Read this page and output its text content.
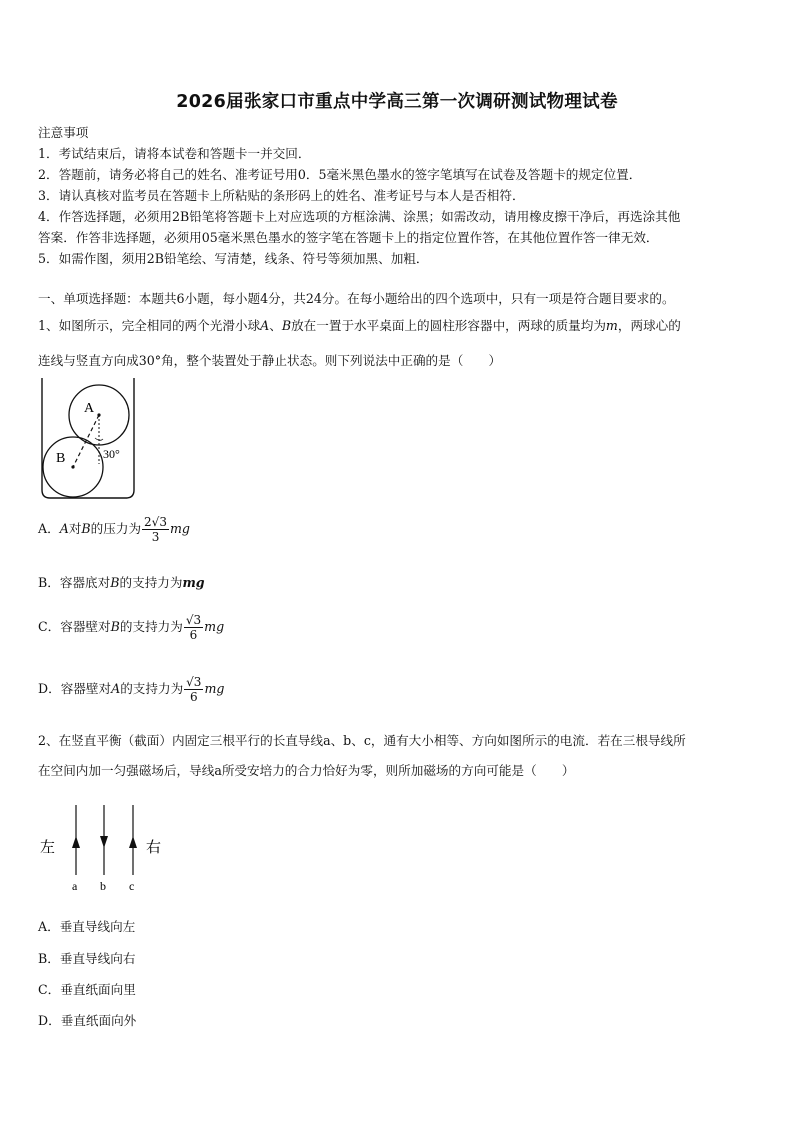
2026届张家口市重点中学高三第一次调研测试物理试卷
注意事项
1．考试结束后，请将本试卷和答题卡一并交回．
2．答题前，请务必将自己的姓名、准考证号用0．5毫米黑色墨水的签字笔填写在试卷及答题卡的规定位置．
3．请认真核对监考员在答题卡上所粘贴的条形码上的姓名、准考证号与本人是否相符．
4．作答选择题，必须用2B铅笔将答题卡上对应选项的方框涂满、涂黑；如需改动，请用橡皮擦干净后，再选涂其他
答案．作答非选择题，必须用05毫米黑色墨水的签字笔在答题卡上的指定位置作答，在其他位置作答一律无效．
5．如需作图，须用2B铅笔绘、写清楚，线条、符号等须加黑、加粗．
一、单项选择题：本题共6小题，每小题4分，共24分。在每小题给出的四个选项中，只有一项是符合题目要求的。
1、如图所示，完全相同的两个光滑小球A、B放在一置于水平桌面上的圆柱形容器中，两球的质量均为m，两球心的
连线与竖直方向成30°角，整个装置处于静止状态。则下列说法中正确的是（　　）
A
B	30°
A．A对B的压力为 $\frac{2√3}{3}$ mg
B．容器底对B的支持力为mg
C．容器壁对B的支持力为 $\frac{√3}{6}$ mg
D．容器壁对A的支持力为 $\frac{√3}{6}$ mg
2、在竖直平衡（截面）内固定三根平行的长直导线a、b、c，通有大小相等、方向如图所示的电流．若在三根导线所
在空间内加一匀强磁场后，导线a所受安培力的合力恰好为零，则所加磁场的方向可能是（　　）
左	右
a b c
A．垂直导线向左
B．垂直导线向右
C．垂直纸面向里
D．垂直纸面向外
